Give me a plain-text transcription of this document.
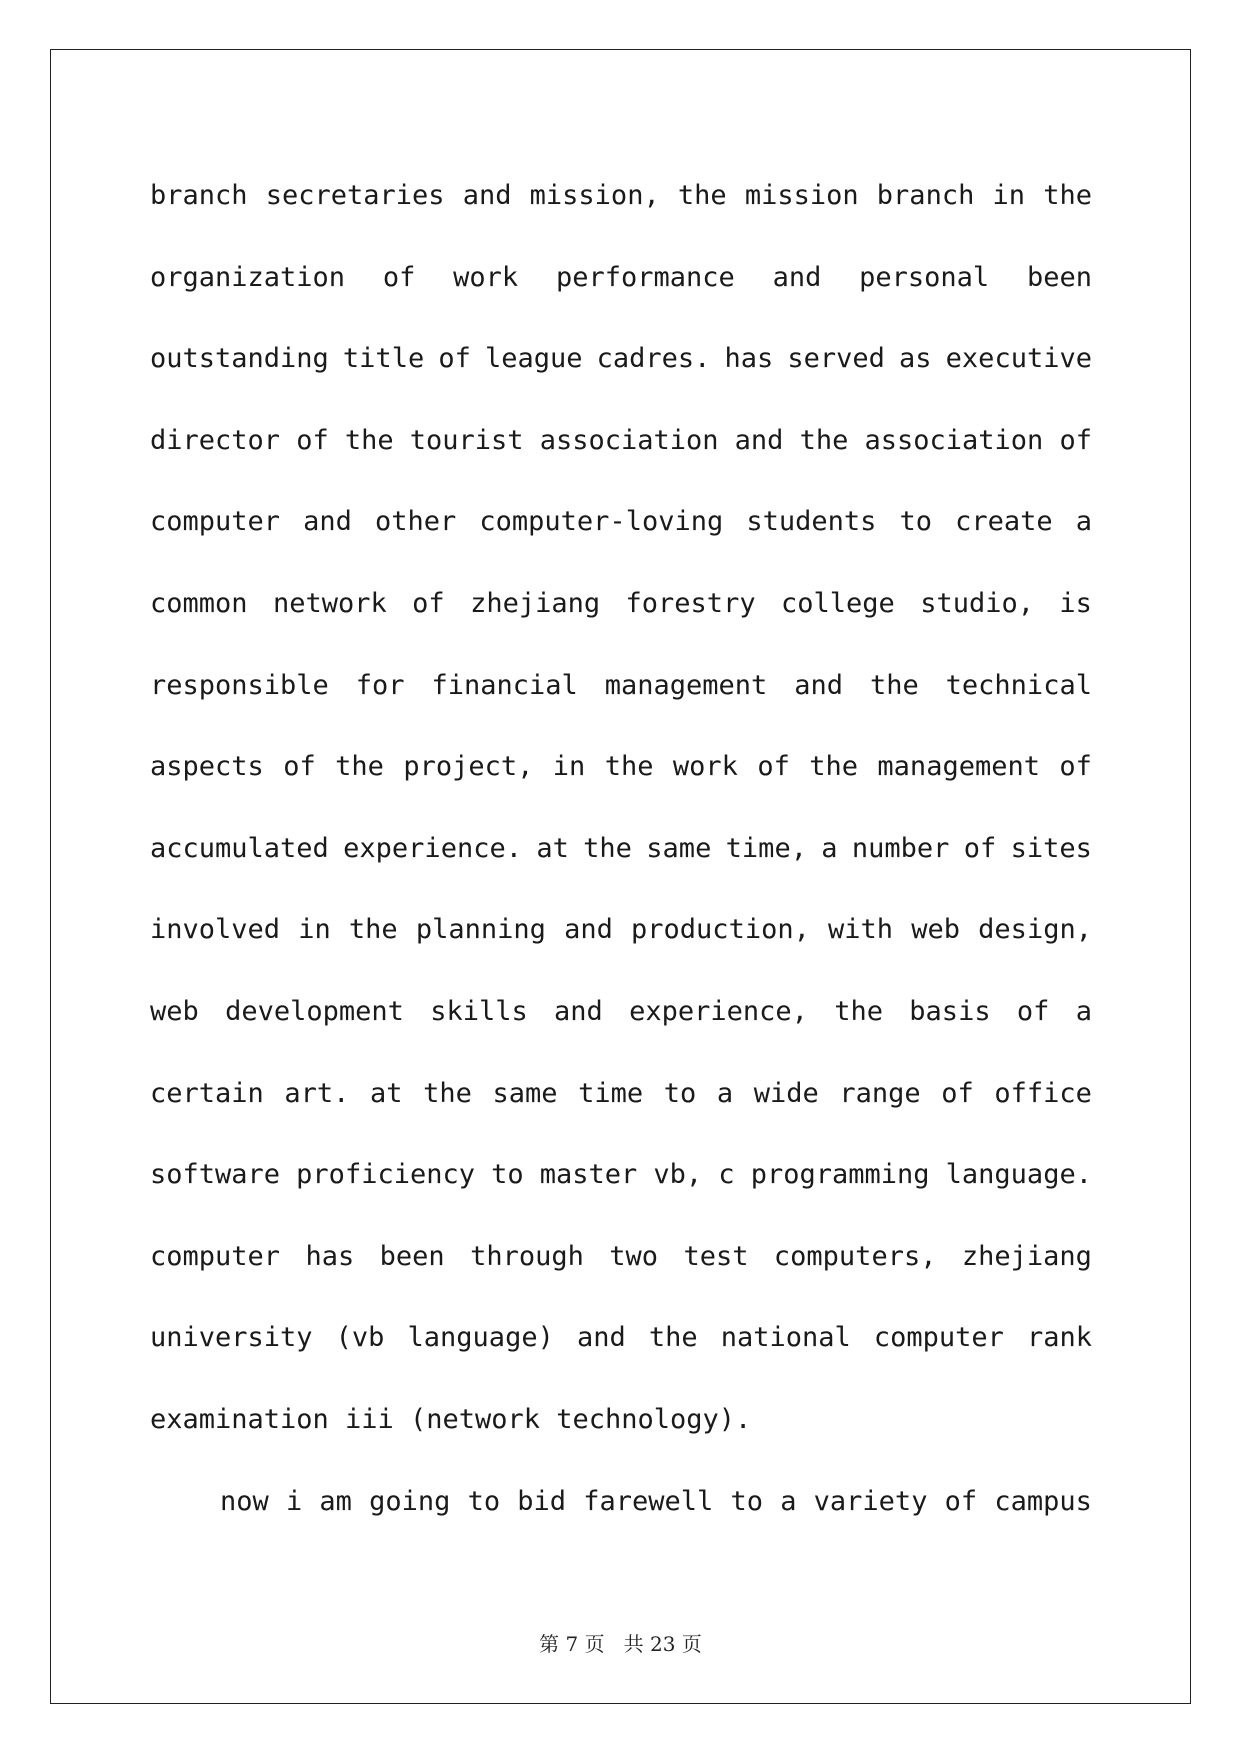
branch secretaries and mission, the mission branch in the
organization of work performance and personal been
outstanding title of league cadres. has served as executive
director of the tourist association and the association of
computer and other computer-loving students to create a
common network of zhejiang forestry college studio, is
responsible for financial management and the technical
aspects of the project, in the work of the management of
accumulated experience. at the same time, a number of sites
involved in the planning and production, with web design,
web development skills and experience, the basis of a
certain art. at the same time to a wide range of office
software proficiency to master vb, c programming language.
computer has been through two test computers, zhejiang
university (vb language) and the national computer rank
examination iii (network technology).
now i am going to bid farewell to a variety of campus
第 7 页   共 23 页
